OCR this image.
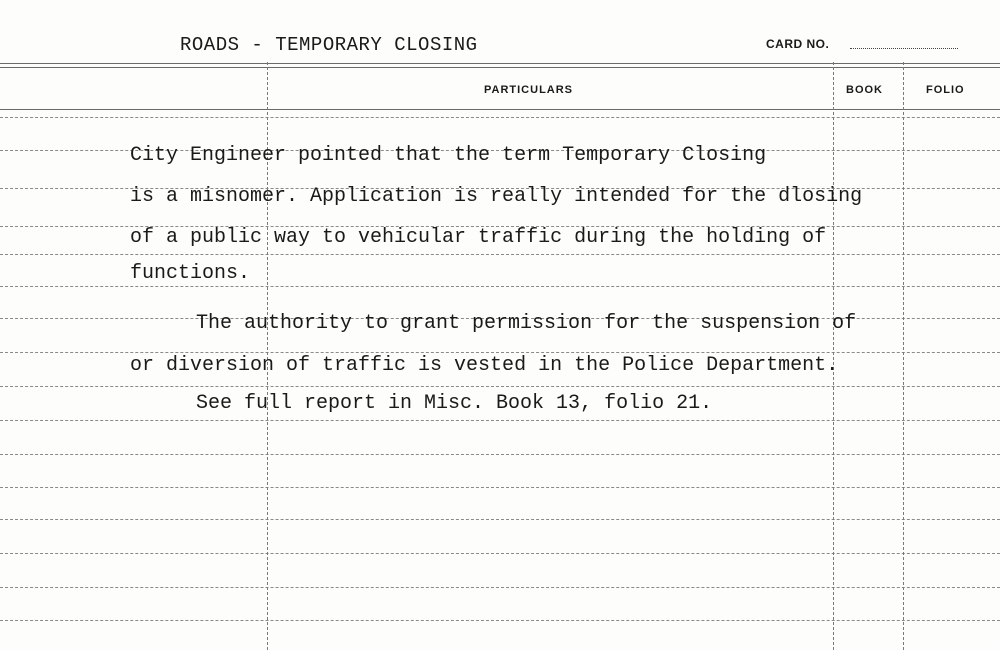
ROADS - TEMPORARY CLOSING	CARD NO.
PARTICULARS	BOOK	FOLIO
City Engineer pointed that the term Temporary Closing
is a misnomer. Application is really intended for the dlosing
of a public way to vehicular traffic during the holding of
functions.
The authority to grant permission for the suspension of
or diversion of traffic is vested in the Police Department.
See full report in Misc. Book 13, folio 21.
